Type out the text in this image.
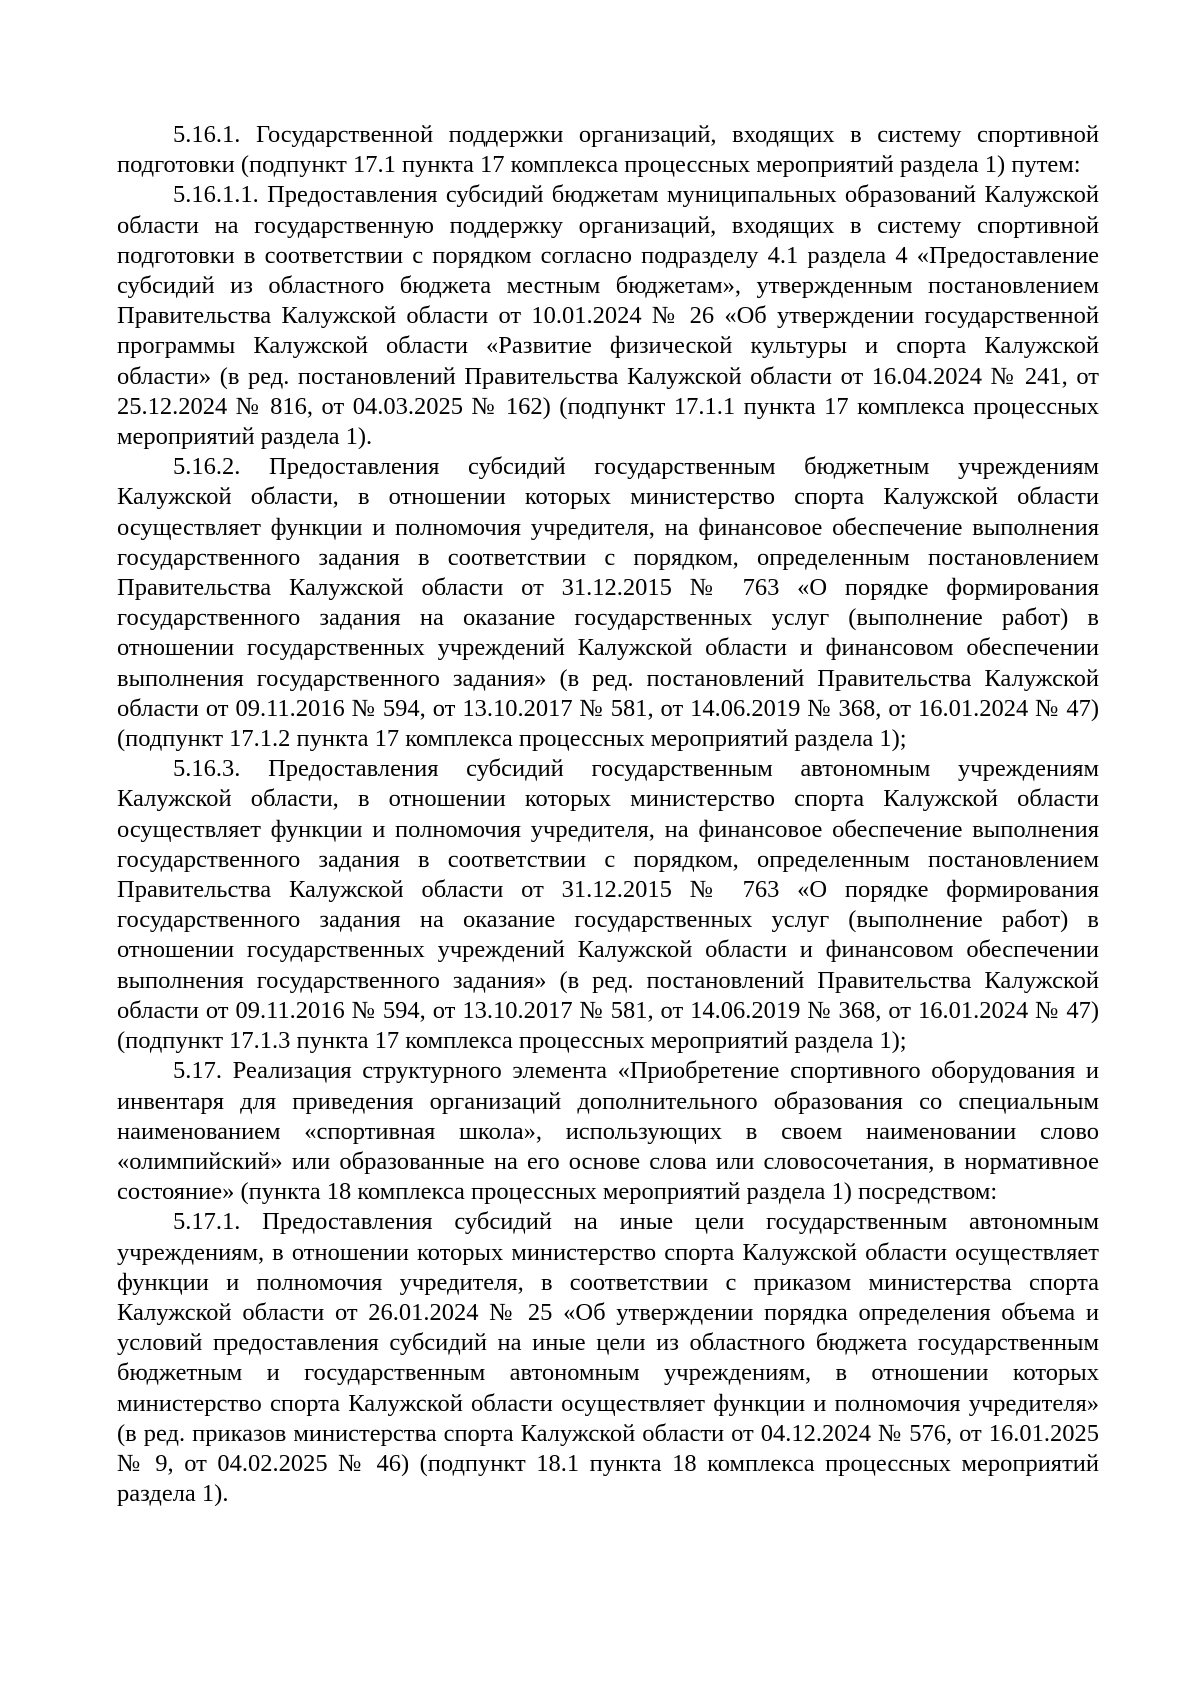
5.16.1. Государственной поддержки организаций, входящих в систему спортивной подготовки (подпункт 17.1 пункта 17 комплекса процессных мероприятий раздела 1) путем:

5.16.1.1. Предоставления субсидий бюджетам муниципальных образований Калужской области на государственную поддержку организаций, входящих в систему спортивной подготовки в соответствии с порядком согласно подразделу 4.1 раздела 4 «Предоставление субсидий из областного бюджета местным бюджетам», утвержденным постановлением Правительства Калужской области от 10.01.2024 № 26 «Об утверждении государственной программы Калужской области «Развитие физической культуры и спорта Калужской области» (в ред. постановлений Правительства Калужской области от 16.04.2024 № 241, от 25.12.2024 № 816, от 04.03.2025 № 162) (подпункт 17.1.1 пункта 17 комплекса процессных мероприятий раздела 1).

5.16.2. Предоставления субсидий государственным бюджетным учреждениям Калужской области, в отношении которых министерство спорта Калужской области осуществляет функции и полномочия учредителя, на финансовое обеспечение выполнения государственного задания в соответствии с порядком, определенным постановлением Правительства Калужской области от 31.12.2015 № 763 «О порядке формирования государственного задания на оказание государственных услуг (выполнение работ) в отношении государственных учреждений Калужской области и финансовом обеспечении выполнения государственного задания» (в ред. постановлений Правительства Калужской области от 09.11.2016 № 594, от 13.10.2017 № 581, от 14.06.2019 № 368, от 16.01.2024 № 47) (подпункт 17.1.2 пункта 17 комплекса процессных мероприятий раздела 1);

5.16.3. Предоставления субсидий государственным автономным учреждениям Калужской области, в отношении которых министерство спорта Калужской области осуществляет функции и полномочия учредителя, на финансовое обеспечение выполнения государственного задания в соответствии с порядком, определенным постановлением Правительства Калужской области от 31.12.2015 № 763 «О порядке формирования государственного задания на оказание государственных услуг (выполнение работ) в отношении государственных учреждений Калужской области и финансовом обеспечении выполнения государственного задания» (в ред. постановлений Правительства Калужской области от 09.11.2016 № 594, от 13.10.2017 № 581, от 14.06.2019 № 368, от 16.01.2024 № 47) (подпункт 17.1.3 пункта 17 комплекса процессных мероприятий раздела 1);

5.17. Реализация структурного элемента «Приобретение спортивного оборудования и инвентаря для приведения организаций дополнительного образования со специальным наименованием «спортивная школа», использующих в своем наименовании слово «олимпийский» или образованные на его основе слова или словосочетания, в нормативное состояние» (пункта 18 комплекса процессных мероприятий раздела 1) посредством:

5.17.1. Предоставления субсидий на иные цели государственным автономным учреждениям, в отношении которых министерство спорта Калужской области осуществляет функции и полномочия учредителя, в соответствии с приказом министерства спорта Калужской области от 26.01.2024 № 25 «Об утверждении порядка определения объема и условий предоставления субсидий на иные цели из областного бюджета государственным бюджетным и государственным автономным учреждениям, в отношении которых министерство спорта Калужской области осуществляет функции и полномочия учредителя» (в ред. приказов министерства спорта Калужской области от 04.12.2024 № 576, от 16.01.2025 № 9, от 04.02.2025 № 46) (подпункт 18.1 пункта 18 комплекса процессных мероприятий раздела 1).
